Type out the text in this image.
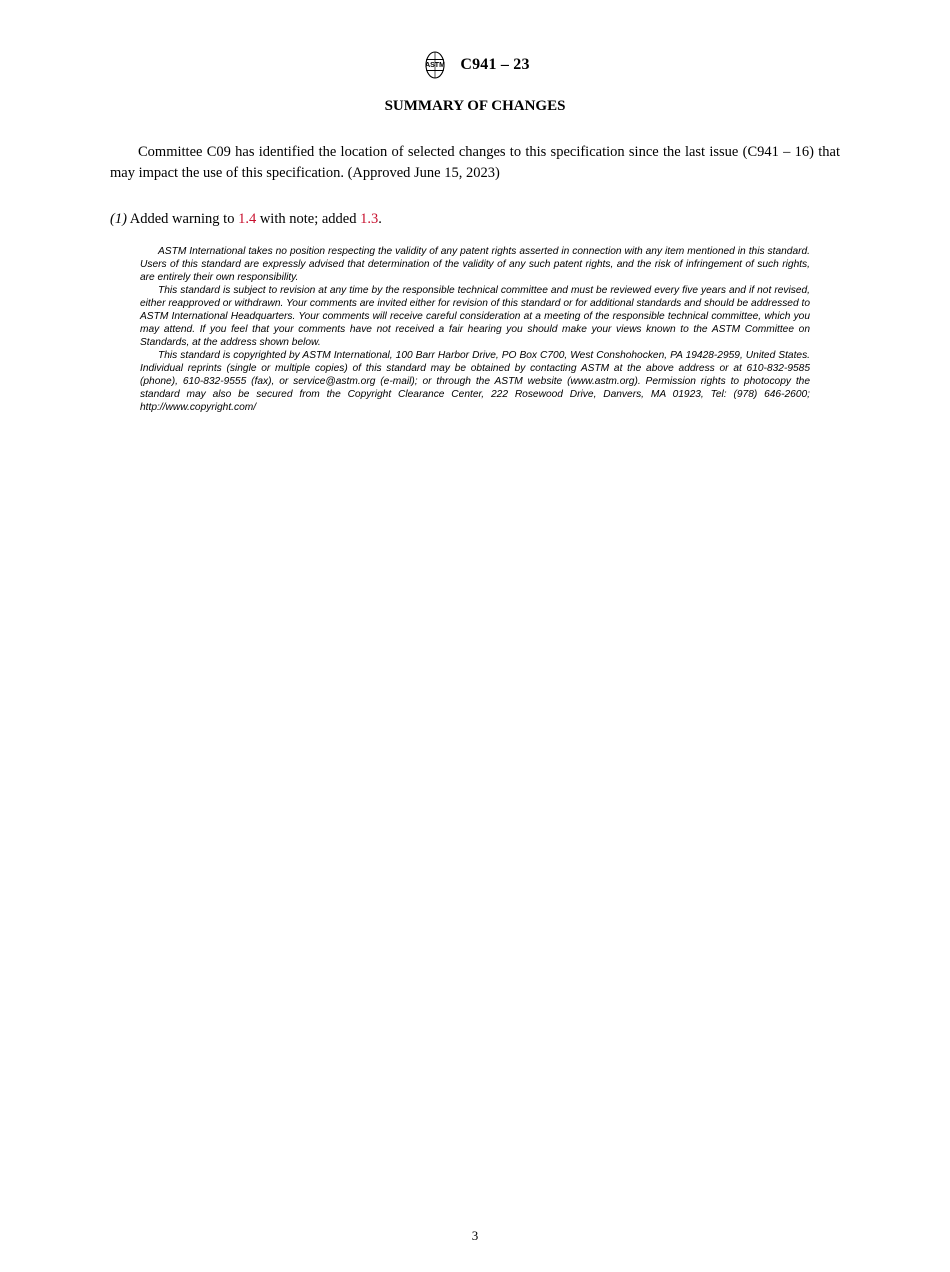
ASTM C941 – 23
SUMMARY OF CHANGES

Committee C09 has identified the location of selected changes to this specification since the last issue (C941 – 16) that may impact the use of this specification. (Approved June 15, 2023)

(1) Added warning to 1.4 with note; added 1.3.

ASTM International takes no position respecting the validity of any patent rights asserted in connection with any item mentioned in this standard. Users of this standard are expressly advised that determination of the validity of any such patent rights, and the risk of infringement of such rights, are entirely their own responsibility.

This standard is subject to revision at any time by the responsible technical committee and must be reviewed every five years and if not revised, either reapproved or withdrawn. Your comments are invited either for revision of this standard or for additional standards and should be addressed to ASTM International Headquarters. Your comments will receive careful consideration at a meeting of the responsible technical committee, which you may attend. If you feel that your comments have not received a fair hearing you should make your views known to the ASTM Committee on Standards, at the address shown below.

This standard is copyrighted by ASTM International, 100 Barr Harbor Drive, PO Box C700, West Conshohocken, PA 19428-2959, United States. Individual reprints (single or multiple copies) of this standard may be obtained by contacting ASTM at the above address or at 610-832-9585 (phone), 610-832-9555 (fax), or service@astm.org (e-mail); or through the ASTM website (www.astm.org). Permission rights to photocopy the standard may also be secured from the Copyright Clearance Center, 222 Rosewood Drive, Danvers, MA 01923, Tel: (978) 646-2600; http://www.copyright.com/

3
